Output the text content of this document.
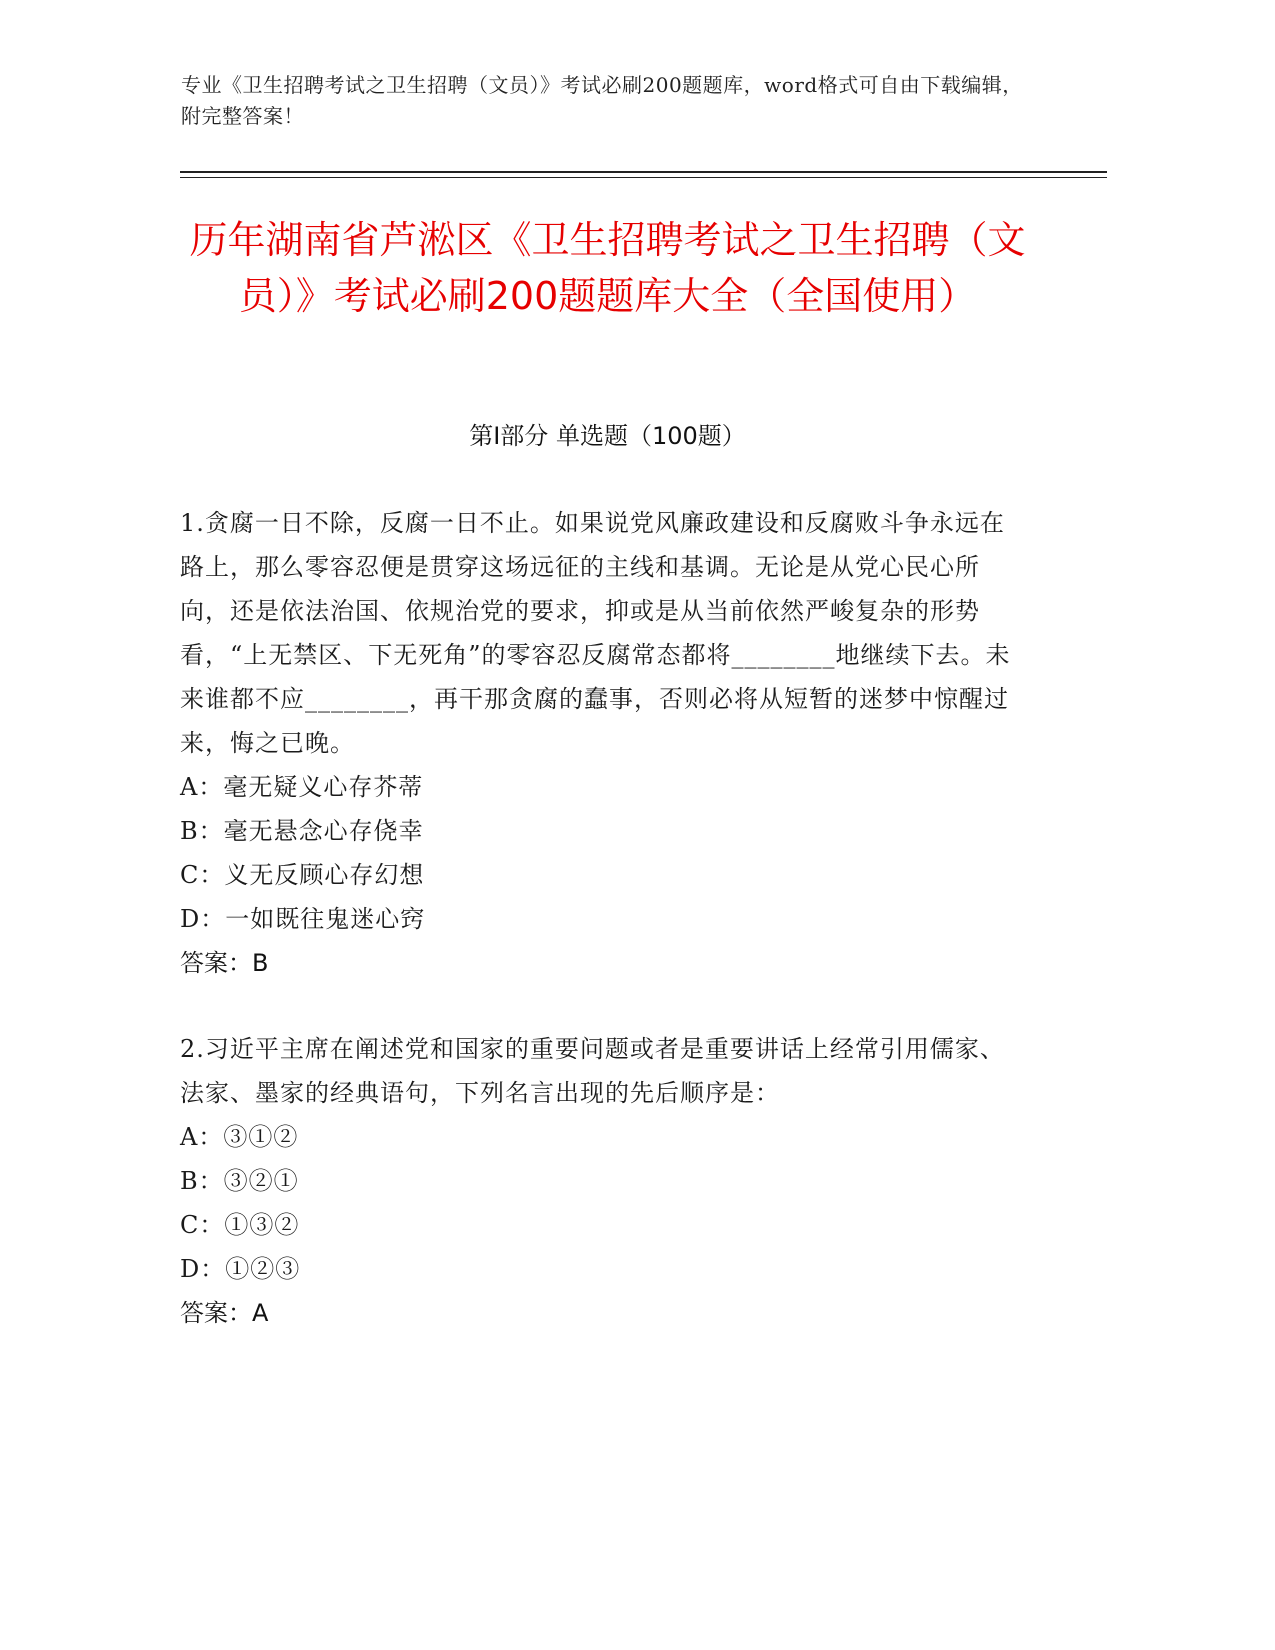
专业《卫生招聘考试之卫生招聘（文员）》考试必刷200题题库，word格式可自由下载编辑，附完整答案！
历年湖南省芦淞区《卫生招聘考试之卫生招聘（文员）》考试必刷200题题库大全（全国使用）
第Ⅰ部分 单选题（100题）
1.贪腐一日不除，反腐一日不止。如果说党风廉政建设和反腐败斗争永远在路上，那么零容忍便是贯穿这场远征的主线和基调。无论是从党心民心所向，还是依法治国、依规治党的要求，抑或是从当前依然严峻复杂的形势看，“上无禁区、下无死角”的零容忍反腐常态都将________地继续下去。未来谁都不应________，再干那贪腐的蠢事，否则必将从短暂的迷梦中惊醒过来，悔之已晚。
A：毫无疑义心存芥蒂
B：毫无悬念心存侥幸
C：义无反顾心存幻想
D：一如既往鬼迷心窍
答案：B
2.习近平主席在阐述党和国家的重要问题或者是重要讲话上经常引用儒家、法家、墨家的经典语句，下列名言出现的先后顺序是：
A：③①②
B：③②①
C：①③②
D：①②③
答案：A
